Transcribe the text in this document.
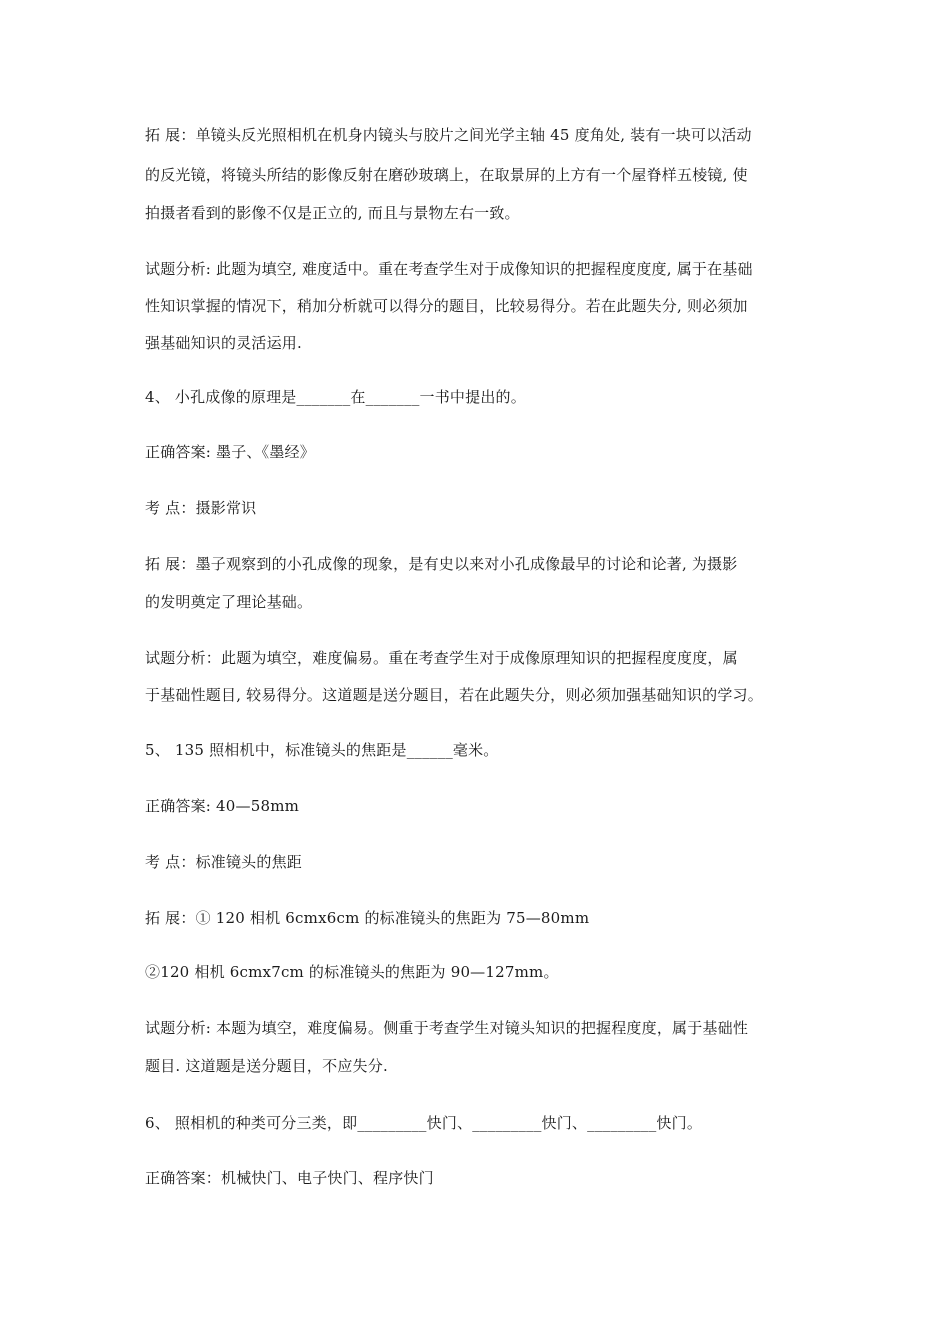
拓 展：单镜头反光照相机在机身内镜头与胶片之间光学主轴 45 度角处, 装有一块可以活动
的反光镜，将镜头所结的影像反射在磨砂玻璃上，在取景屏的上方有一个屋脊样五棱镜, 使
拍摄者看到的影像不仅是正立的, 而且与景物左右一致。
试题分析: 此题为填空, 难度适中。重在考查学生对于成像知识的把握程度度度, 属于在基础
性知识掌握的情况下，稍加分析就可以得分的题目，比较易得分。若在此题失分, 则必须加
强基础知识的灵活运用.
4、 小孔成像的原理是_______在_______一书中提出的。
正确答案: 墨子、《墨经》
考 点：摄影常识
拓 展：墨子观察到的小孔成像的现象，是有史以来对小孔成像最早的讨论和论著, 为摄影
的发明奠定了理论基础。
试题分析：此题为填空，难度偏易。重在考查学生对于成像原理知识的把握程度度度，属
于基础性题目, 较易得分。这道题是送分题目，若在此题失分，则必须加强基础知识的学习。
5、 135 照相机中，标准镜头的焦距是______毫米。
正确答案: 40—58mm
考 点：标准镜头的焦距
拓 展：① 120 相机 6cmx6cm 的标准镜头的焦距为 75—80mm
②120 相机 6cmx7cm 的标准镜头的焦距为 90—127mm。
试题分析: 本题为填空，难度偏易。侧重于考查学生对镜头知识的把握程度度，属于基础性
题目. 这道题是送分题目，不应失分.
6、 照相机的种类可分三类，即_________快门、_________快门、_________快门。
正确答案：机械快门、电子快门、程序快门
